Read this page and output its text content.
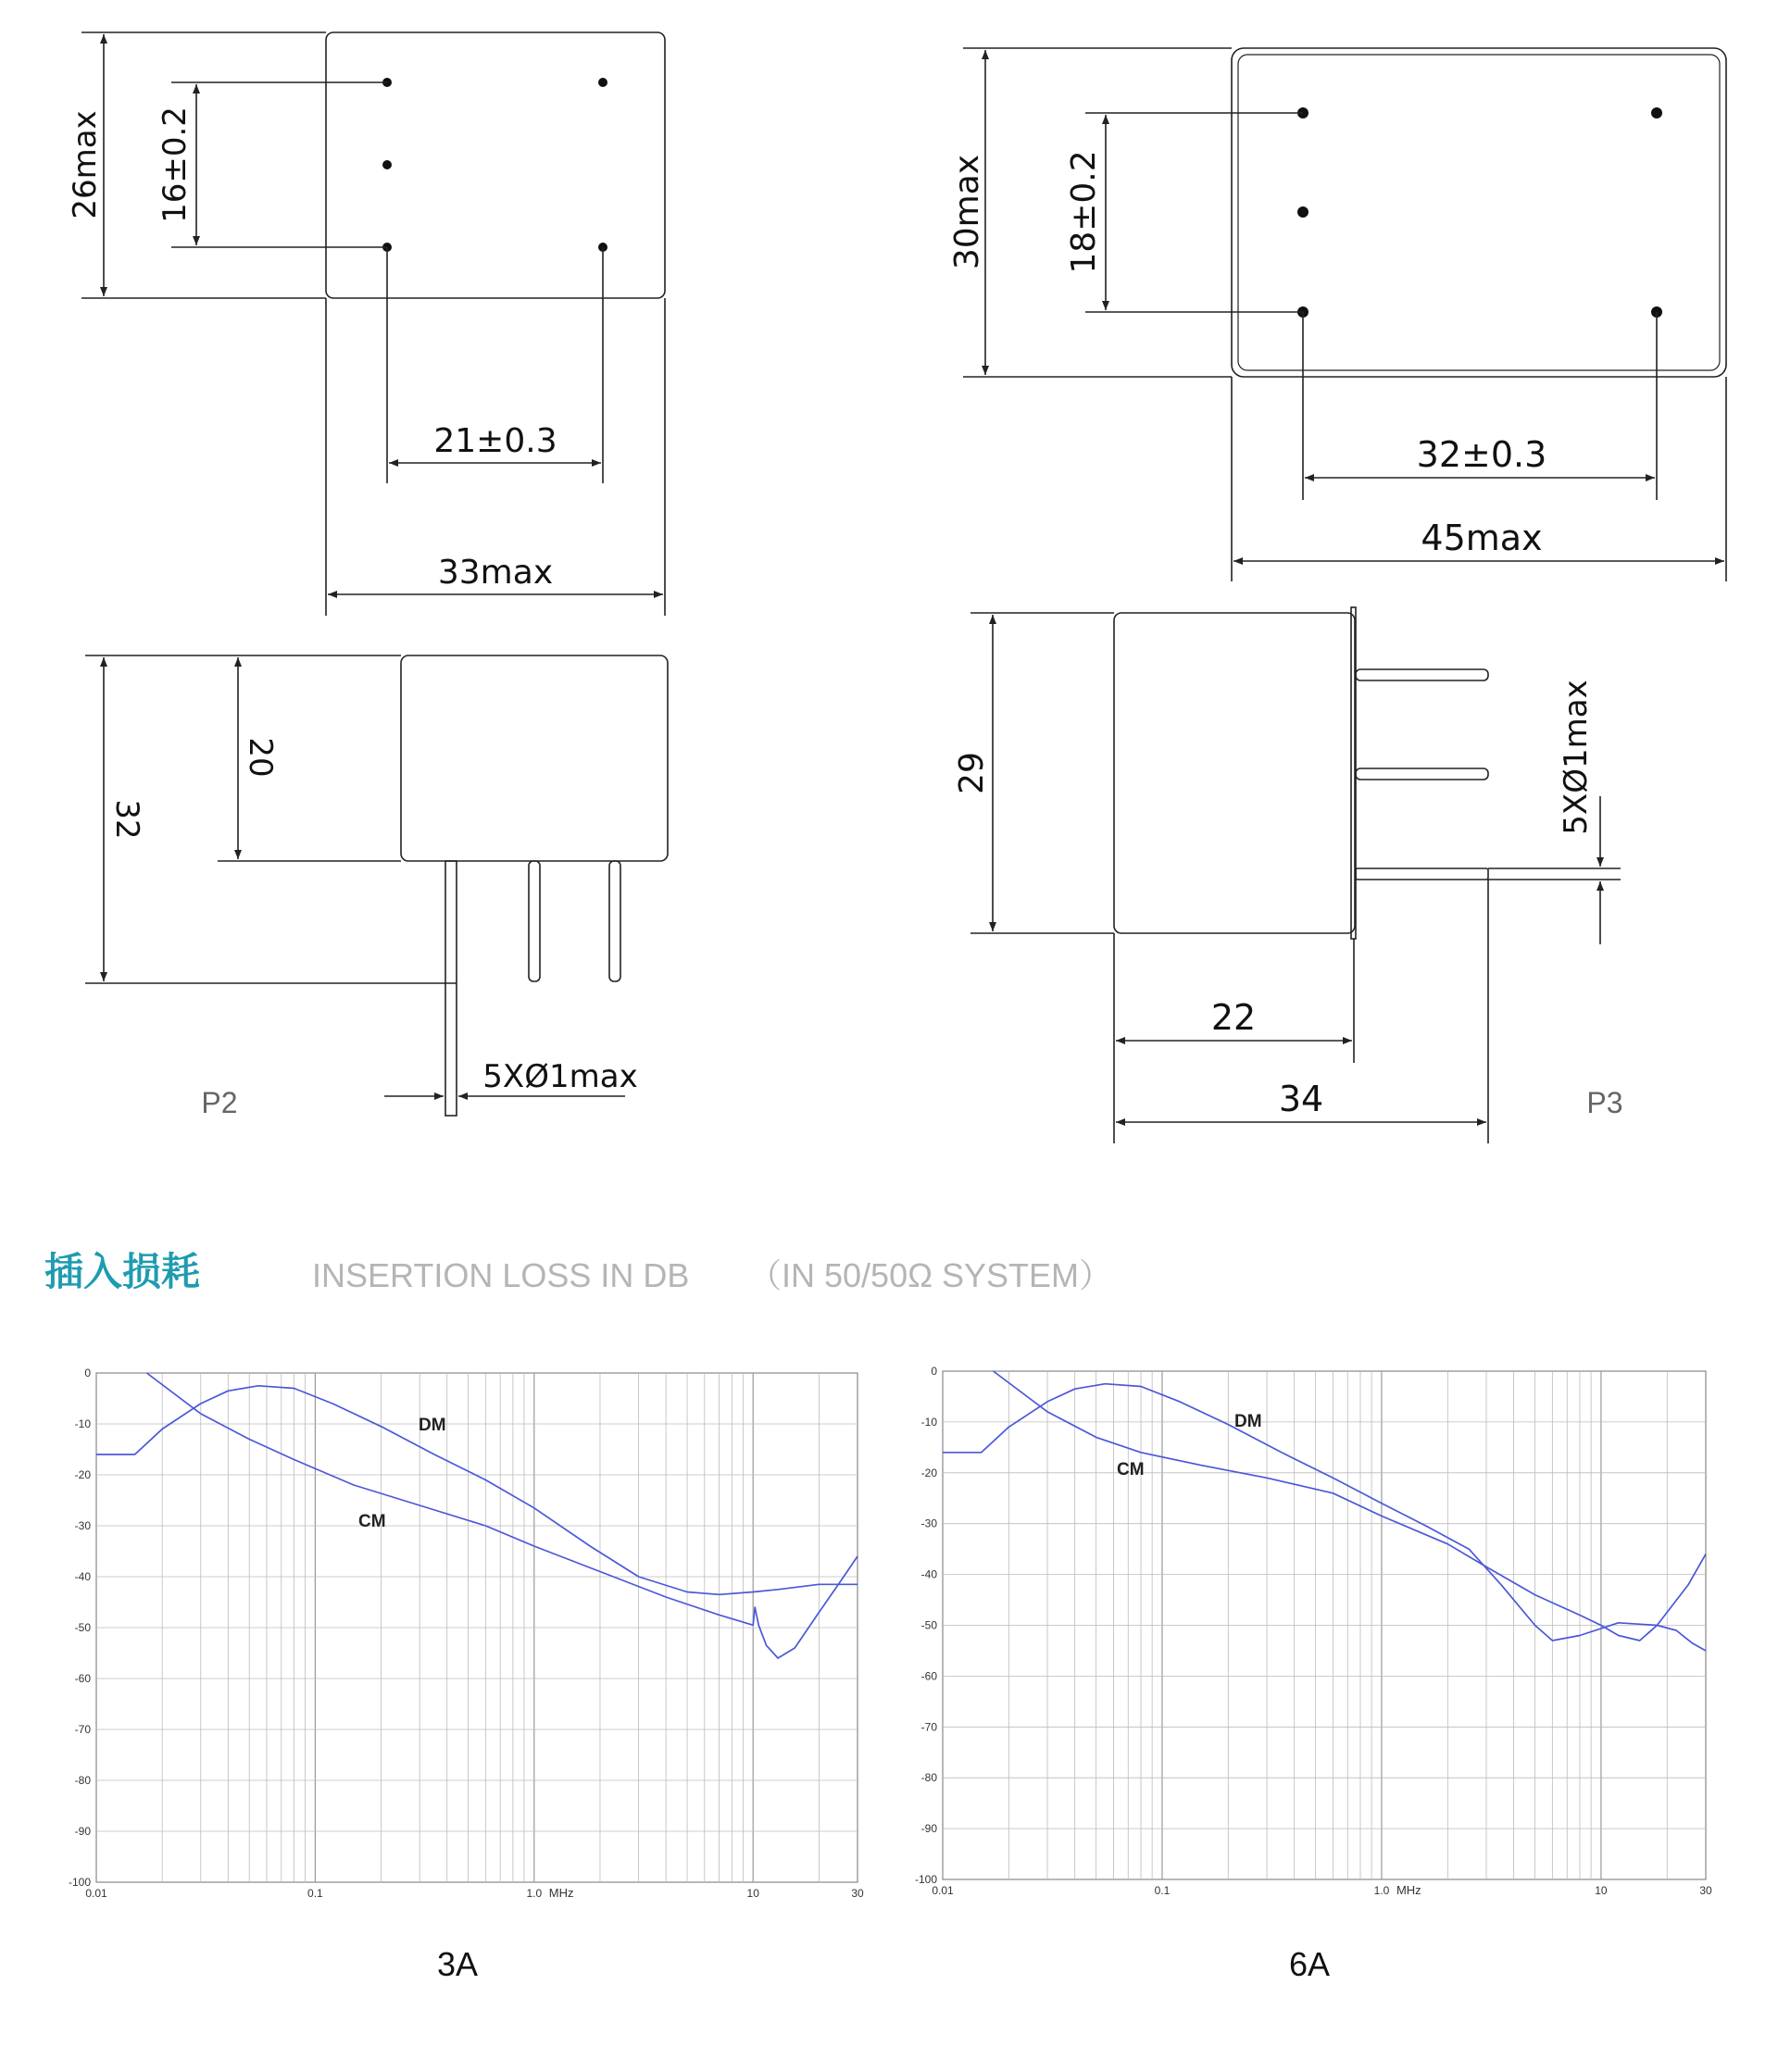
26max 16±0.2
21±0.3
33max
30max 18±0.2
32±0.3
45max
32
20
5XØ1max
P2
29	5XØ1max
22
34	P3
插入损耗	INSERTION LOSS IN DB （IN 50/50Ω SYSTEM）
0
-10
-20
-30
-40
-50
-60
-70
-80
-90
-100
0.01	0.1	1.0	10	30
MHz
DM
CM
3A
0
-10
-20
-30
-40
-50
-60
-70
-80
-90
-100
0.01	0.1	1.0	10	30
MHz
DM
CM
6A
